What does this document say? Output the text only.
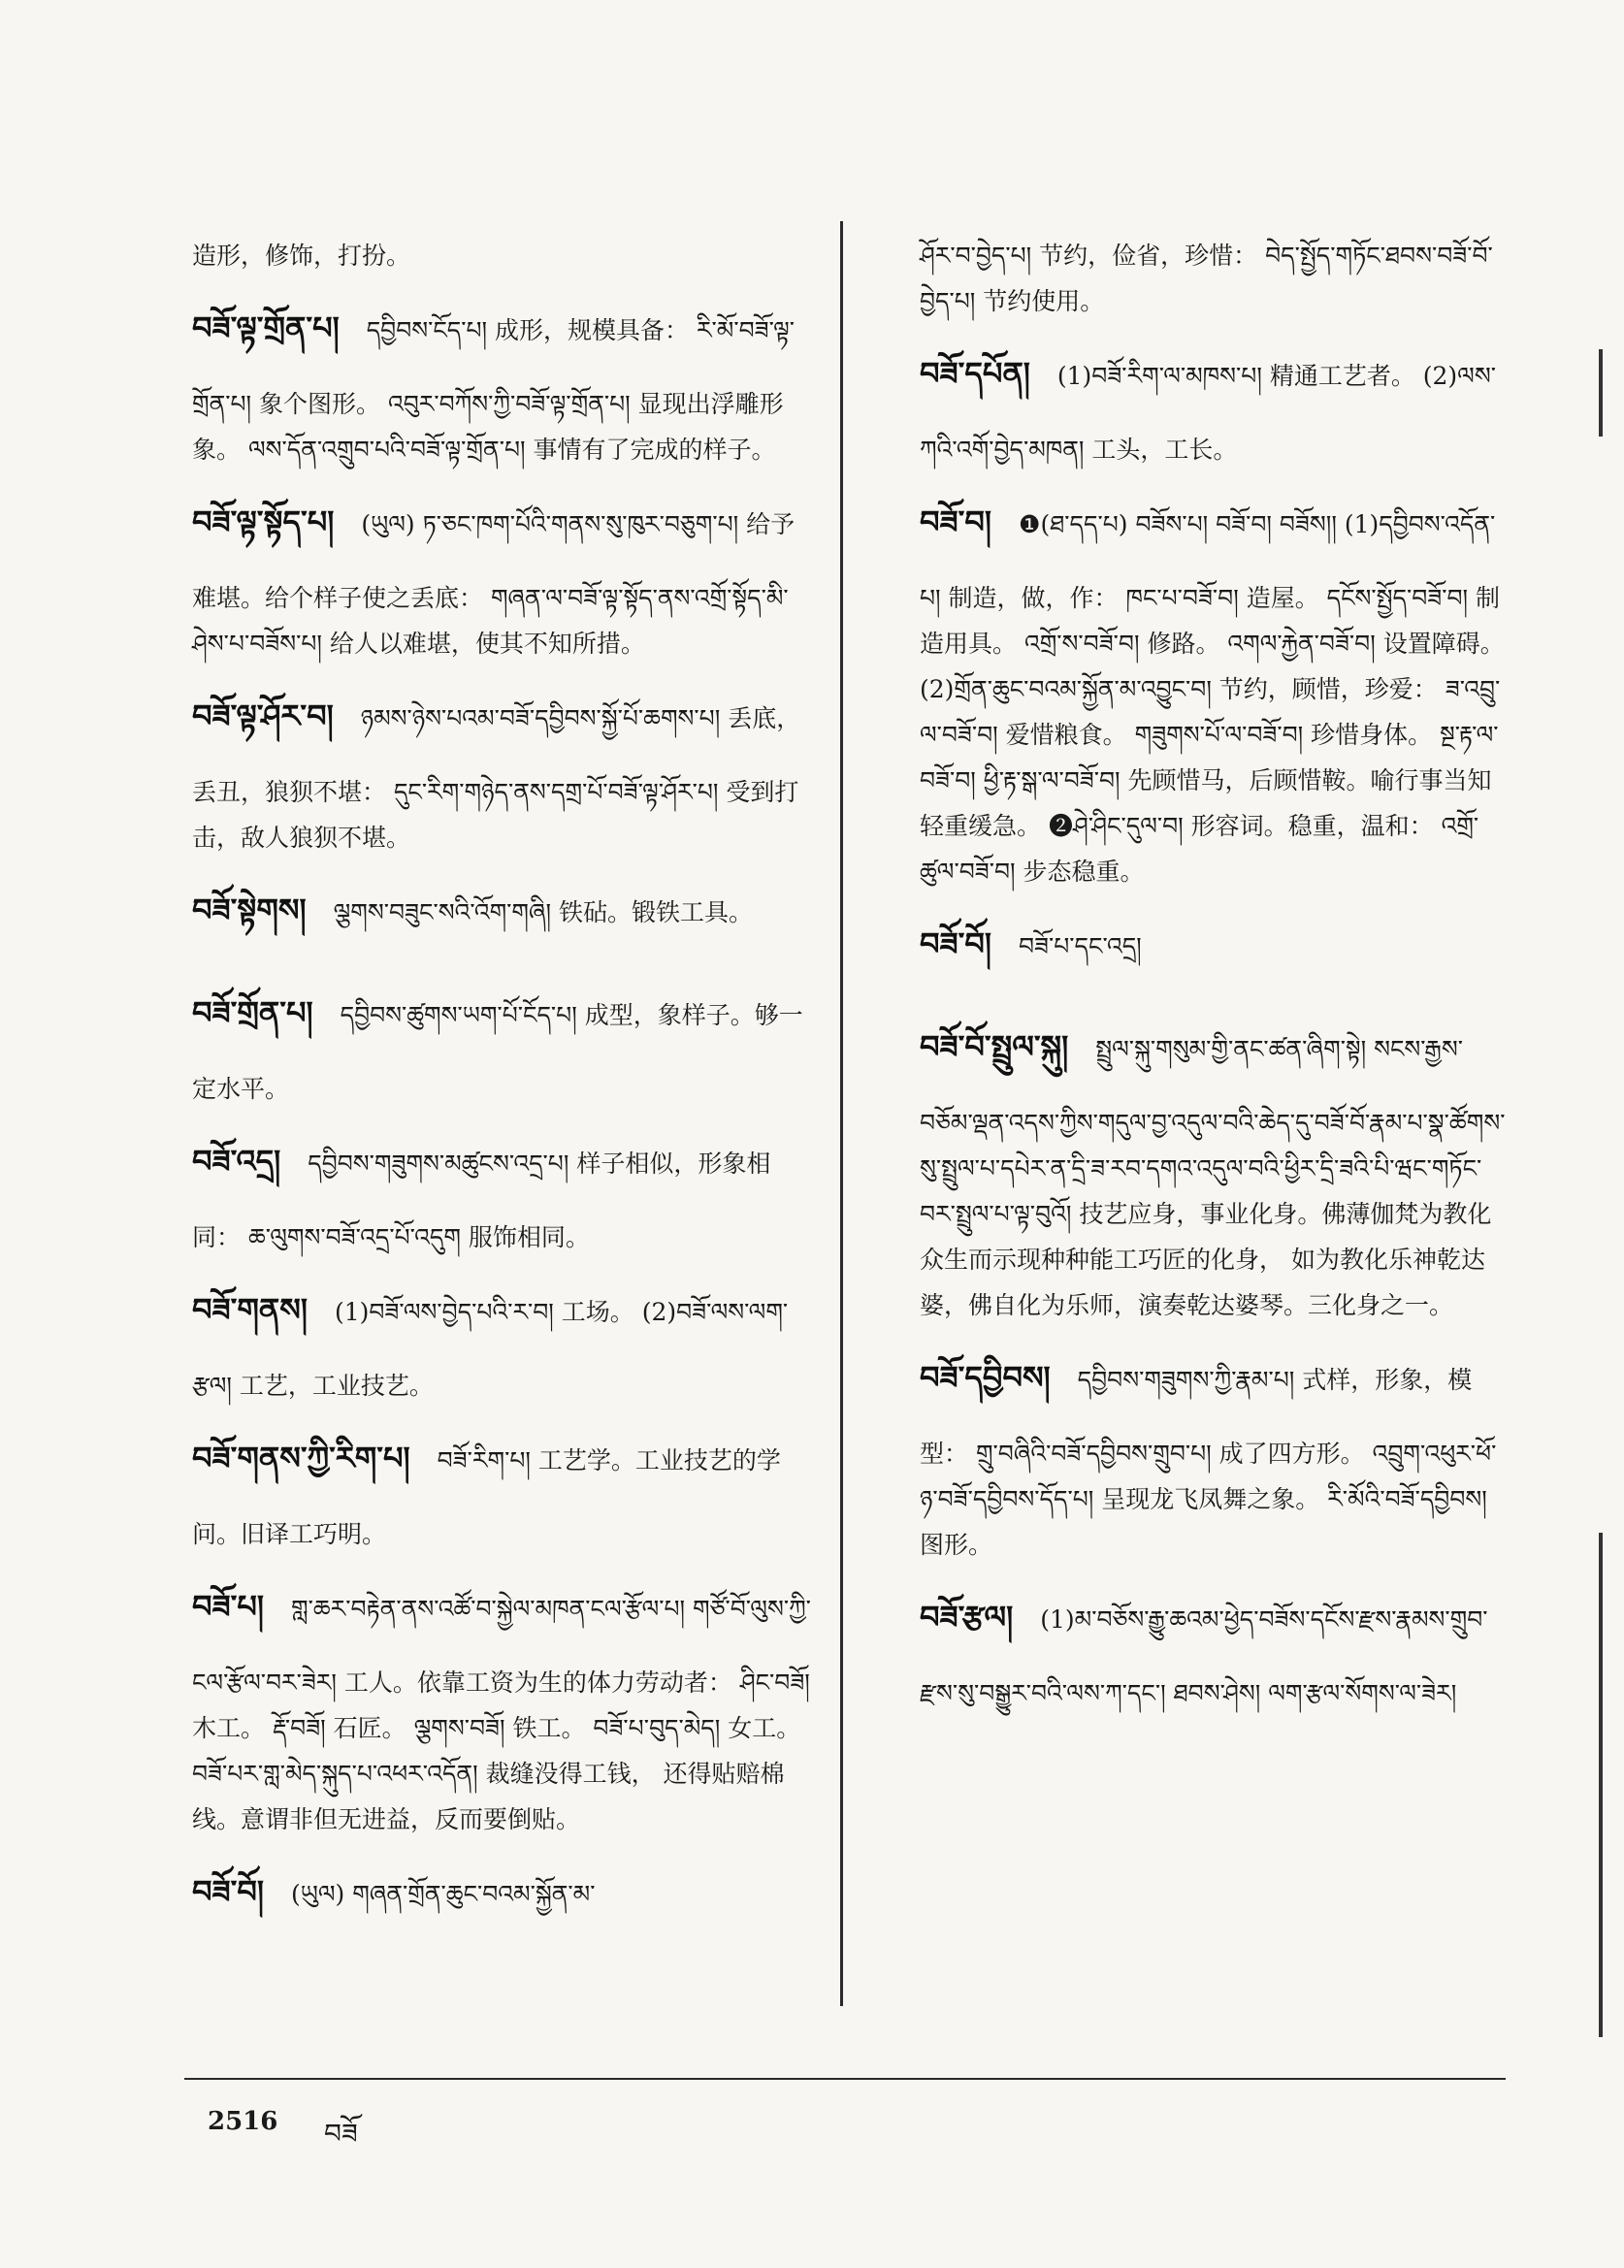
造形，修饰，打扮。
བཟོ་ལྟ་གྲོན་པ། དབྱིབས་ངོད་པ། 成形，规模具备： རི་མོ་བཟོ་ལྟ་གྲོན་པ། 象个图形。 འབུར་བཀོས་ཀྱི་བཟོ་ལྟ་གྲོན་པ། 显现出浮雕形象。 ལས་དོན་འགྲུབ་པའི་བཟོ་ལྟ་གྲོན་པ། 事情有了完成的样子。
བཟོ་ལྟ་སྟོད་པ། (ཡུལ) ཏ་ཅང་ཁག་པོའི་གནས་སུ་ཁུར་བཅུག་པ། 给予难堪。给个样子使之丢底： གཞན་ལ་བཟོ་ལྟ་སྟོད་ནས་འགྲོ་སྟོད་མི་ཤེས་པ་བཟོས་པ། 给人以难堪，使其不知所措。
བཟོ་ལྟ་ཤོར་བ། ཉམས་ཉེས་པའམ་བཟོ་དབྱིབས་སྐྱོ་པོ་ཆགས་པ། 丢底，丢丑，狼狈不堪： དུང་རིག་གཉེད་ནས་དགྲ་པོ་བཟོ་ལྟ་ཤོར་པ། 受到打击，敌人狼狈不堪。
བཟོ་སྟེགས། ལྕགས་བཟུང་སའི་འོག་གཞི། 铁砧。锻铁工具。
བཟོ་གྲོན་པ། དབྱིབས་ཚུགས་ཡག་པོ་ངོད་པ། 成型，象样子。够一定水平。
བཟོ་འདྲ། དབྱིབས་གཟུགས་མཚུངས་འདྲ་པ། 样子相似，形象相同： ཆ་ལུགས་བཟོ་འདྲ་པོ་འདུག 服饰相同。
བཟོ་གནས། (1)བཟོ་ལས་བྱེད་པའི་ར་བ། 工场。 (2)བཟོ་ལས་ལག་རྩལ། 工艺，工业技艺。
བཟོ་གནས་ཀྱི་རིག་པ། བཟོ་རིག་པ། 工艺学。工业技艺的学问。旧译工巧明。
བཟོ་པ། གླ་ཆར་བརྟེན་ནས་འཚོ་བ་སྐྱེལ་མཁན་ངལ་རྩོལ་པ། གཙོ་བོ་ལུས་ཀྱི་ངལ་རྩོལ་བར་ཟེར། 工人。依靠工资为生的体力劳动者： ཤིང་བཟོ། 木工。 རྡོ་བཟོ། 石匠。 ལྕགས་བཟོ། 铁工。 བཟོ་པ་བུད་མེད། 女工。 བཟོ་པར་གླ་མེད་སྐུད་པ་འཕར་འདོན། 裁缝没得工钱， 还得贴赔棉线。意谓非但无进益，反而要倒贴。
བཟོ་བོ། (ཡུལ) གཞན་གྲོན་ཆུང་བའམ་སྐྱོན་མ་
ཤོར་བ་བྱེད་པ། 节约，俭省，珍惜： བེད་སྤྱོད་གཏོང་ཐབས་བཟོ་བོ་བྱེད་པ། 节约使用。
བཟོ་དཔོན། (1)བཟོ་རིག་ལ་མཁས་པ། 精通工艺者。 (2)ལས་ཀའི་འགོ་བྱེད་མཁན། 工头，工长。
བཟོ་བ། ❶(ཐ་དད་པ) བཟོས་པ། བཟོ་བ། བཟོས།། (1)དབྱིབས་འདོན་པ། 制造，做，作： ཁང་པ་བཟོ་བ། 造屋。 དངོས་སྤྱོད་བཟོ་བ། 制造用具。 འགྲོ་ས་བཟོ་བ། 修路。 འགལ་རྐྱེན་བཟོ་བ། 设置障碍。 (2)གྲོན་ཆུང་བའམ་སྐྱོན་མ་འབྱུང་བ། 节约，顾惜，珍爱： ཟ་འབྲུ་ལ་བཟོ་བ། 爱惜粮食。 གཟུགས་པོ་ལ་བཟོ་བ། 珍惜身体。 སྔ་རྟ་ལ་བཟོ་བ། ཕྱི་རྟ་སྒ་ལ་བཟོ་བ། 先顾惜马，后顾惜鞍。喻行事当知轻重缓急。 ❷ཤེ་ཤིང་དུལ་བ། 形容词。稳重，温和： འགྲོ་ཚུལ་བཟོ་བ། 步态稳重。
བཟོ་བོ། བཟོ་པ་དང་འདྲ།
བཟོ་བོ་སྤྲུལ་སྐུ། སྤྲུལ་སྐུ་གསུམ་གྱི་ནང་ཚན་ཞིག་སྟེ། སངས་རྒྱས་བཅོམ་ལྡན་འདས་ཀྱིས་གདུལ་བྱ་འདུལ་བའི་ཆེད་དུ་བཟོ་བོ་རྣམ་པ་སྣ་ཚོགས་སུ་སྤྲུལ་པ་དཔེར་ན་དྲི་ཟ་རབ་དགའ་འདུལ་བའི་ཕྱིར་དྲི་ཟའི་པི་ཝང་གཏོང་བར་སྤྲུལ་པ་ལྟ་བུའོ། 技艺应身，事业化身。佛薄伽梵为教化众生而示现种种能工巧匠的化身， 如为教化乐神乾达婆，佛自化为乐师，演奏乾达婆琴。三化身之一。
བཟོ་དབྱིབས། དབྱིབས་གཟུགས་ཀྱི་རྣམ་པ། 式样，形象，模型： གྲུ་བཞིའི་བཟོ་དབྱིབས་གྲུབ་པ། 成了四方形。 འབྲུག་འཕུར་ཕོ་ཉ་བཟོ་དབྱིབས་དོད་པ། 呈现龙飞凤舞之象。 རི་མོའི་བཟོ་དབྱིབས། 图形。
བཟོ་རྩལ། (1)མ་བཅོས་རྒྱུ་ཆའམ་ཕྱེད་བཟོས་དངོས་རྫས་རྣམས་གྲུབ་རྫས་སུ་བསྒྱུར་བའི་ལས་ཀ་དང་། ཐབས་ཤེས། ལག་རྩལ་སོགས་ལ་ཟེར།
2516 བཟོ
